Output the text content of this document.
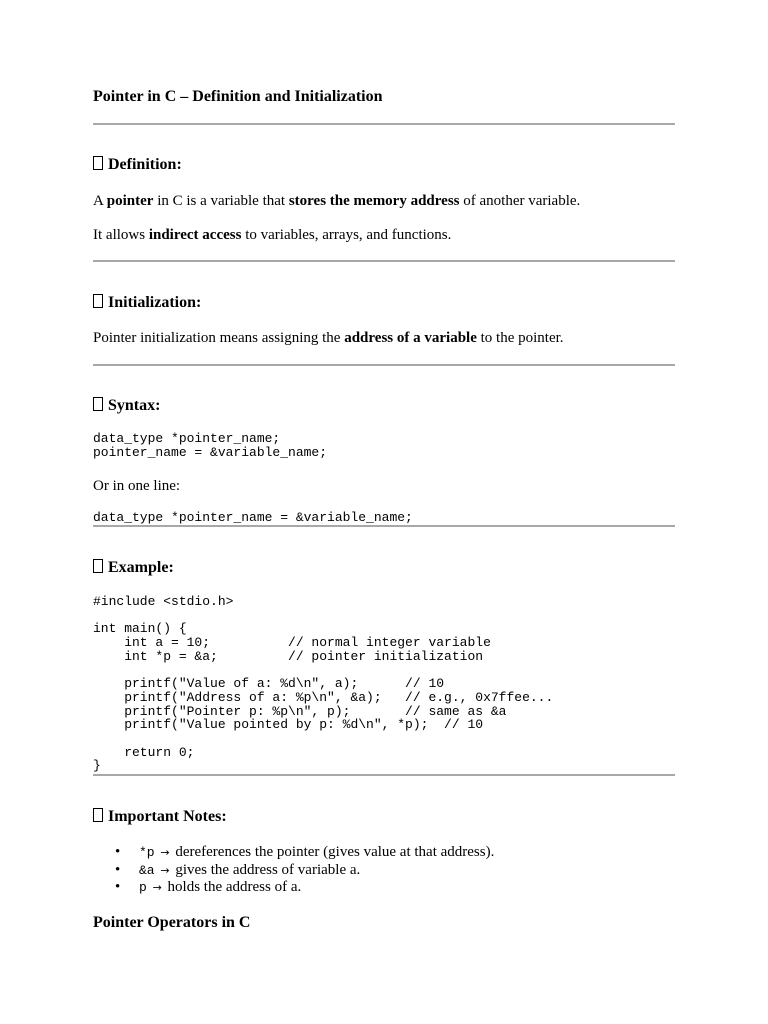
Pointer in C – Definition and Initialization
Definition:

A pointer in C is a variable that stores the memory address of another variable.

It allows indirect access to variables, arrays, and functions.

Initialization:

Pointer initialization means assigning the address of a variable to the pointer.

Syntax:
data_type *pointer_name;
pointer_name = &variable_name;

Or in one line:

data_type *pointer_name = &variable_name;
Example:
#include <stdio.h>

int main() {
int a = 10;          // normal integer variable
int *p = &a;         // pointer initialization

printf("Value of a: %d\n", a);      // 10
printf("Address of a: %p\n", &a);   // e.g., 0x7ffee...
printf("Pointer p: %p\n", p);       // same as &a
printf("Value pointed by p: %d\n", *p);  // 10

return 0;
}
Important Notes:
• *p → dereferences the pointer (gives value at that address).
• &a → gives the address of variable a.
• p → holds the address of a.
Pointer Operators in C
